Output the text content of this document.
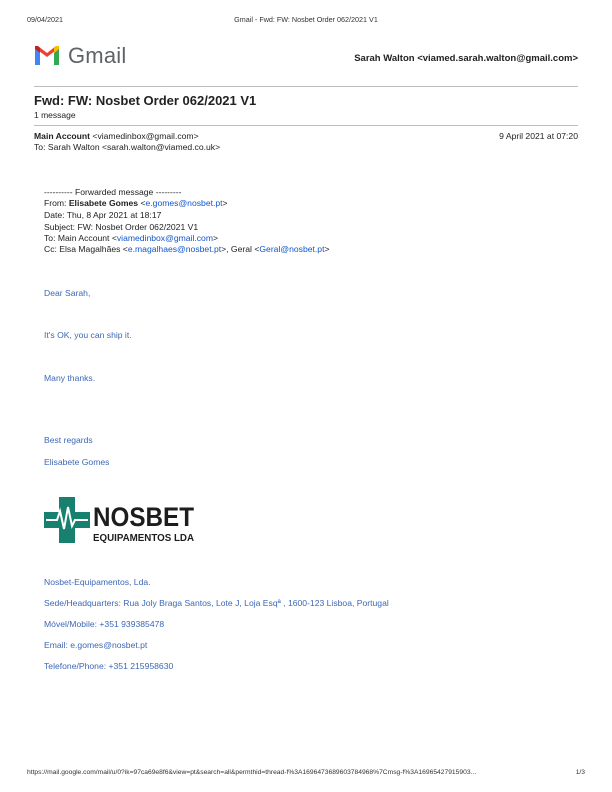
09/04/2021	Gmail - Fwd: FW: Nosbet Order 062/2021 V1
Gmail	Sarah Walton <viamed.sarah.walton@gmail.com>
Fwd: FW: Nosbet Order 062/2021 V1
1 message
Main Account <viamedinbox@gmail.com>	9 April 2021 at 07:20
To: Sarah Walton <sarah.walton@viamed.co.uk>
---------- Forwarded message ---------
From: Elisabete Gomes <e.gomes@nosbet.pt>
Date: Thu, 8 Apr 2021 at 18:17
Subject: FW: Nosbet Order 062/2021 V1
To: Main Account <viamedinbox@gmail.com>
Cc: Elsa Magalhães <e.magalhaes@nosbet.pt>, Geral <Geral@nosbet.pt>
Dear Sarah,
It's OK, you can ship it.
Many thanks.
Best regards
Elisabete Gomes
NOSBET
EQUIPAMENTOS LDA
Nosbet-Equipamentos, Lda.
Sede/Headquarters: Rua Joly Braga Santos, Lote J, Loja Esqª , 1600-123 Lisboa, Portugal
Móvel/Mobile: +351 939385478
Email: e.gomes@nosbet.pt
Telefone/Phone: +351 215958630
https://mail.google.com/mail/u/0?ik=97ca69e8f6&view=pt&search=all&permthid=thread-f%3A1696473689603784968%7Cmsg-f%3A16965427915903...	1/3
